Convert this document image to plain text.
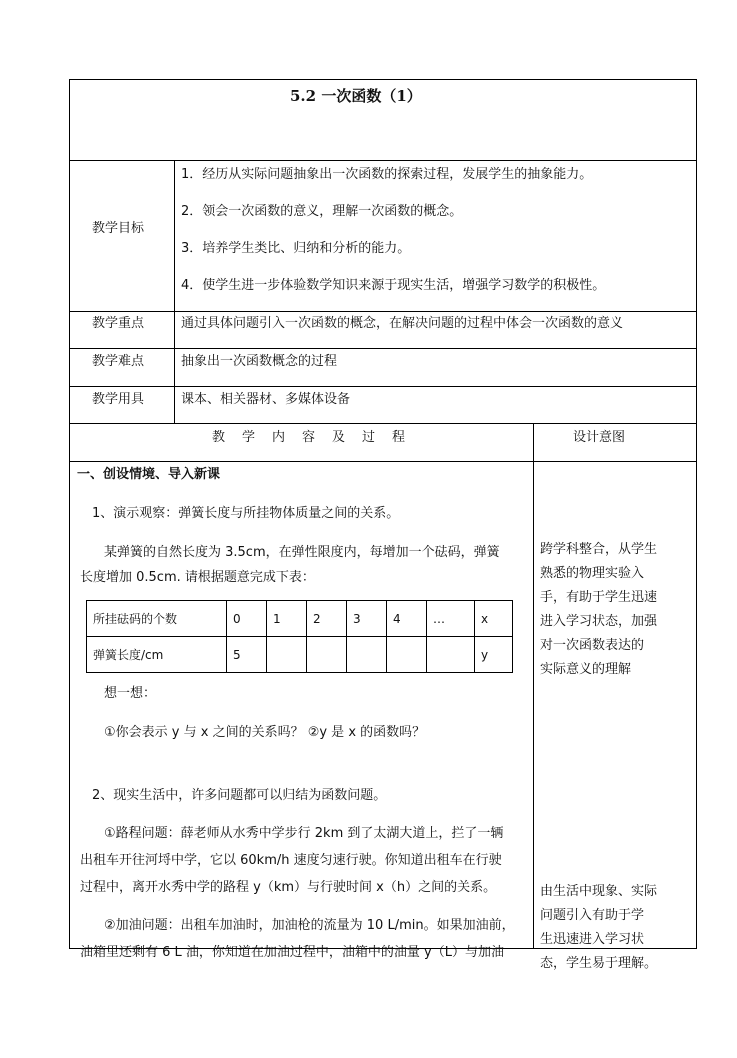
5.2 一次函数（1）
教学目标
1．经历从实际问题抽象出一次函数的探索过程，发展学生的抽象能力。
2．领会一次函数的意义，理解一次函数的概念。
3．培养学生类比、归纳和分析的能力。
4．使学生进一步体验数学知识来源于现实生活，增强学习数学的积极性。
教学重点	通过具体问题引入一次函数的概念，在解决问题的过程中体会一次函数的意义
教学难点	抽象出一次函数概念的过程
教学用具	课本、相关器材、多媒体设备
教学内容及过程	设计意图
一、创设情境、导入新课
1、演示观察：弹簧长度与所挂物体质量之间的关系。
某弹簧的自然长度为 3.5cm，在弹性限度内，每增加一个砝码，弹簧
长度增加 0.5cm. 请根据题意完成下表：
所挂砝码的个数	0	1	2	3	4	…	x
弹簧长度/cm	5						y
想一想：
①你会表示 y 与 x 之间的关系吗？ ②y 是 x 的函数吗？
2、现实生活中，许多问题都可以归结为函数问题。
①路程问题：薛老师从水秀中学步行 2km 到了太湖大道上，拦了一辆
出租车开往河埒中学，它以 60km/h 速度匀速行驶。你知道出租车在行驶
过程中，离开水秀中学的路程 y（km）与行驶时间 x（h）之间的关系。
②加油问题：出租车加油时，加油枪的流量为 10 L/min。如果加油前，
油箱里还剩有 6 L 油，你知道在加油过程中，油箱中的油量 y（L）与加油
跨学科整合，从学生
熟悉的物理实验入
手，有助于学生迅速
进入学习状态，加强
对一次函数表达的
实际意义的理解
由生活中现象、实际
问题引入有助于学
生迅速进入学习状
态，学生易于理解。
